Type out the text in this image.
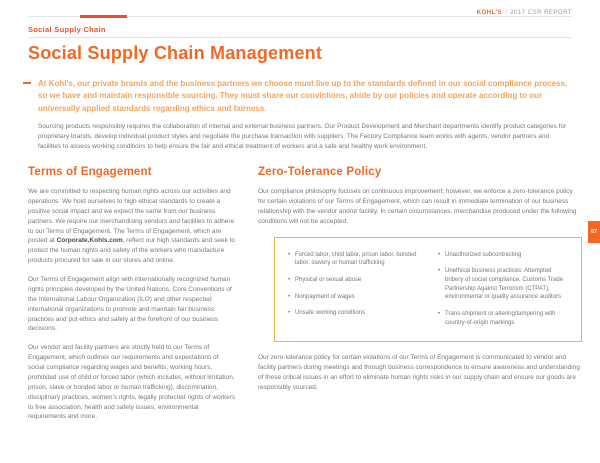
KOHL'S | 2017 CSR REPORT
Social Supply Chain
Social Supply Chain Management
At Kohl's, our private brands and the business partners we choose must live up to the standards defined in our social compliance process, so we have and maintain responsible sourcing. They must share our convictions, abide by our policies and operate according to our universally applied standards regarding ethics and fairness.
Sourcing products responsibly requires the collaboration of internal and external business partners. Our Product Development and Merchant departments identify product categories for proprietary brands, develop individual product styles and negotiate the purchase transaction with suppliers. The Factory Compliance team works with agents, vendor partners and facilities to assess working conditions to help ensure the fair and ethical treatment of workers and a safe and healthy work environment.
Terms of Engagement

We are committed to respecting human rights across our activities and operations. We hold ourselves to high ethical standards to create a positive social impact and we expect the same from our business partners. We require our merchandising vendors and facilities to adhere to our Terms of Engagement. The Terms of Engagement, which are posted at Corporate.Kohls.com, reflect our high standards and seek to protect the human rights and safety of the workers who manufacture products procured for sale in our stores and online.

Our Terms of Engagement align with internationally recognized human rights principles developed by the United Nations, Core Conventions of the International Labour Organization (ILO) and other respected international organizations to promote and maintain fair business practices and put ethics and safety at the forefront of our business decisions.

Our vendor and facility partners are strictly held to our Terms of Engagement, which outlines our requirements and expectations of social compliance regarding wages and benefits, working hours, prohibited use of child or forced labor (which includes, without limitation, prison, slave or bonded labor or human trafficking), discrimination, disciplinary practices, women's rights, legally protected rights of workers to free association, health and safety issues, environmental requirements and more.

Zero-Tolerance Policy

Our compliance philosophy focuses on continuous improvement; however, we enforce a zero-tolerance policy for certain violations of our Terms of Engagement, which can result in immediate termination of our business relationship with the vendor and/or facility. In certain circumstances, merchandise produced under the following conditions will not be accepted:

• Forced labor, child labor, prison labor, bonded labor, slavery or human trafficking
• Physical or sexual abuse
• Nonpayment of wages
• Unsafe working conditions
• Unauthorized subcontracting
• Unethical business practices: Attempted bribery of social compliance, Customs Trade Partnership Against Terrorism (CTPAT), environmental or quality assurance auditors
• Trans-shipment or altering/tampering with country-of-origin markings

Our zero-tolerance policy for certain violations of our Terms of Engagement is communicated to vendor and facility partners during meetings and through business correspondence to ensure awareness and understanding of these critical issues in an effort to eliminate human rights risks in our supply chain and ensure our goods are responsibly sourced.

67
